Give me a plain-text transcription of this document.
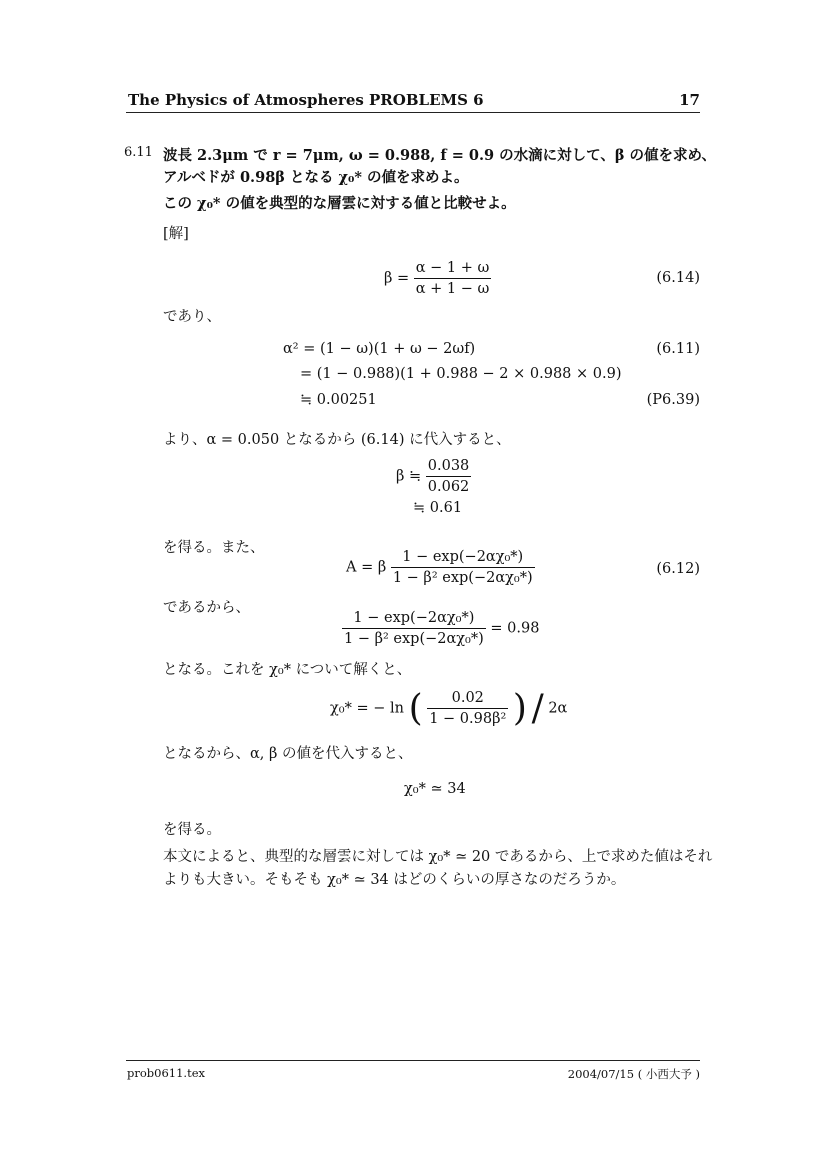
The Physics of Atmospheres PROBLEMS 6	17
6.11 波長 2.3μm で r = 7μm, ω = 0.988, f = 0.9 の水滴に対して、β の値を求め、
アルベドが 0.98β となる χ₀* の値を求めよ。
この χ₀* の値を典型的な層雲に対する値と比較せよ。
[解]
$\beta = \frac{\alpha - 1 + \omega}{\alpha + 1 - \omega}$	(6.14)
であり、
α² = (1 − ω)(1 + ω − 2ωf)	(6.11)
= (1 − 0.988)(1 + 0.988 − 2 × 0.988 × 0.9)
≒ 0.00251	(P6.39)
より、α = 0.050 となるから (6.14) に代入すると、
β ≒ $\frac{0.038}{0.062}$
≒ 0.61
を得る。また、
A = β $\frac{\text{1 − exp(−2αχ₀*)}}{\text{1 − β² exp(−2αχ₀*)}}$	(6.12)
であるから、
$\frac{\text{1 − exp(−2αχ₀*)}}{\text{1 − β² exp(−2αχ₀*)}} = 0.98$
となる。これを χ₀* について解くと、
χ₀* = − ln ( $\frac{0.02}{\text{1 − 0.98β²}}$ ) / 2α
となるから、α, β の値を代入すると、
χ₀* ≃ 34
を得る。
本文によると、典型的な層雲に対しては χ₀* ≃ 20 であるから、上で求めた値はそれ
よりも大きい。そもそも χ₀* ≃ 34 はどのくらいの厚さなのだろうか。
prob0611.tex	2004/07/15 ( 小西大予 )
